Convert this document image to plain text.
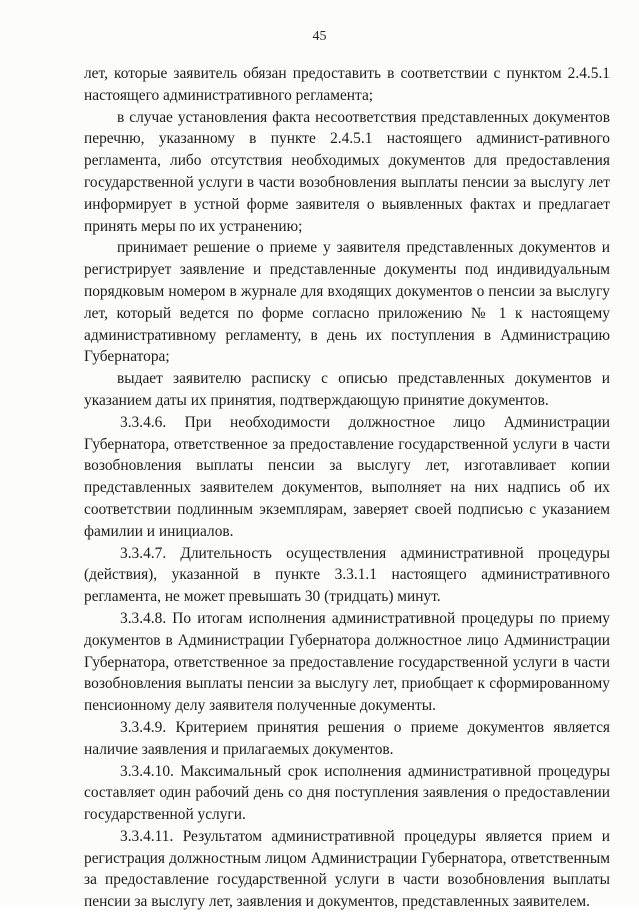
45

лет, которые заявитель обязан предоставить в соответствии с пунктом 2.4.5.1 настоящего административного регламента;

в случае установления факта несоответствия представленных документов перечню, указанному в пункте 2.4.5.1 настоящего админист-ративного регламента, либо отсутствия необходимых документов для предоставления государственной услуги в части возобновления выплаты пенсии за выслугу лет информирует в устной форме заявителя о выявленных фактах и предлагает принять меры по их устранению;

принимает решение о приеме у заявителя представленных документов и регистрирует заявление и представленные документы под индивидуальным порядковым номером в журнале для входящих документов о пенсии за выслугу лет, который ведется по форме согласно приложению № 1 к настоящему административному регламенту, в день их поступления в Администрацию Губернатора;

выдает заявителю расписку с описью представленных документов и указанием даты их принятия, подтверждающую принятие документов.

3.3.4.6. При необходимости должностное лицо Администрации Губернатора, ответственное за предоставление государственной услуги в части возобновления выплаты пенсии за выслугу лет, изготавливает копии представленных заявителем документов, выполняет на них надпись об их соответствии подлинным экземплярам, заверяет своей подписью с указанием фамилии и инициалов.

3.3.4.7. Длительность осуществления административной процедуры (действия), указанной в пункте 3.3.1.1 настоящего административного регламента, не может превышать 30 (тридцать) минут.

3.3.4.8. По итогам исполнения административной процедуры по приему документов в Администрации Губернатора должностное лицо Администрации Губернатора, ответственное за предоставление государственной услуги в части возобновления выплаты пенсии за выслугу лет, приобщает к сформированному пенсионному делу заявителя полученные документы.

3.3.4.9. Критерием принятия решения о приеме документов является наличие заявления и прилагаемых документов.

3.3.4.10. Максимальный срок исполнения административной процедуры составляет один рабочий день со дня поступления заявления о предоставлении государственной услуги.

3.3.4.11. Результатом административной процедуры является прием и регистрация должностным лицом Администрации Губернатора, ответственным за предоставление государственной услуги в части возобновления выплаты пенсии за выслугу лет, заявления и документов, представленных заявителем.
